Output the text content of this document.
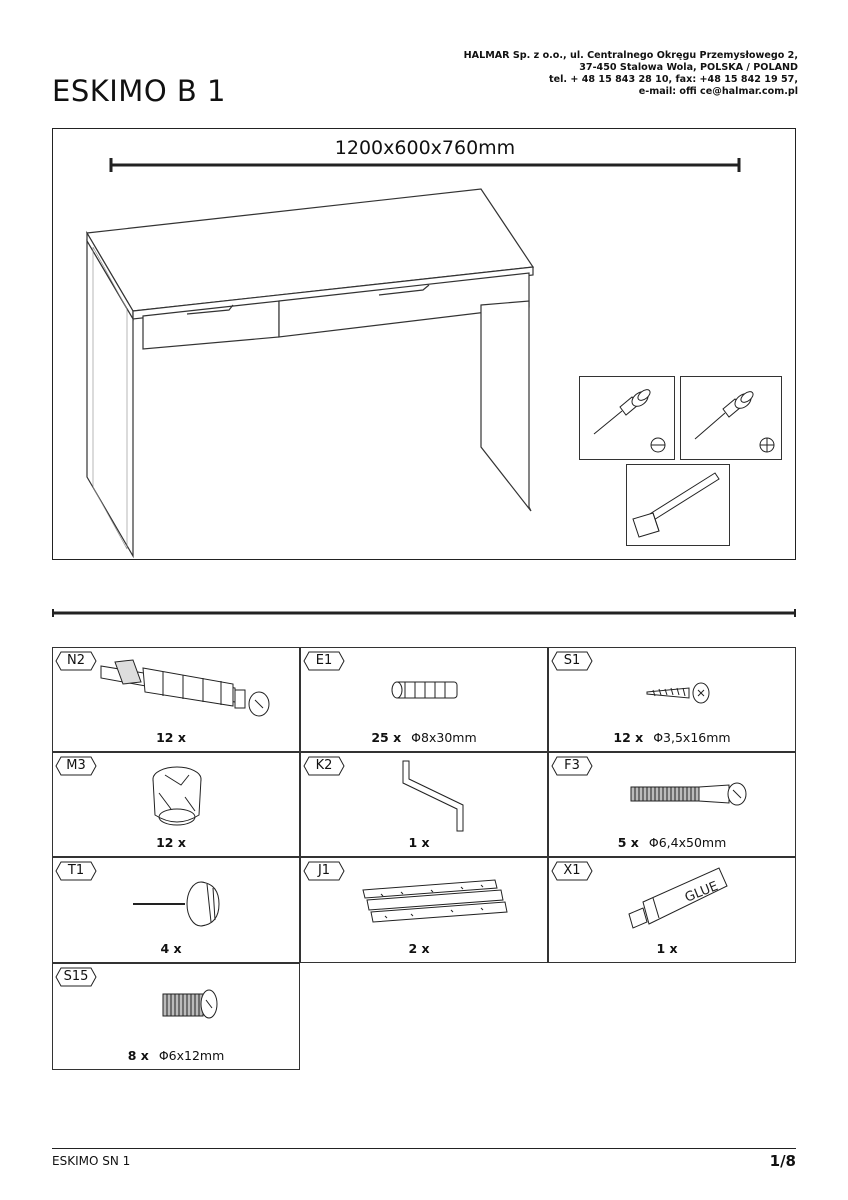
ESKIMO B 1
HALMAR Sp. z o.o., ul. Centralnego Okręgu Przemysłowego 2,
37-450 Stalowa Wola, POLSKA / POLAND
tel. + 48 15 843 28 10, fax: +48 15 842 19 57,
e-mail: offi ce@halmar.com.pl
1200x600x760mm
N2
12 x
E1
25 x Φ8x30mm
S1
12 x Φ3,5x16mm
M3
12 x
K2
1 x
F3
5 x Φ6,4x50mm
T1
4 x
J1
2 x
GLUE
X1
1 x
S15
8 x Φ6x12mm
ESKIMO SN 1	1/8
